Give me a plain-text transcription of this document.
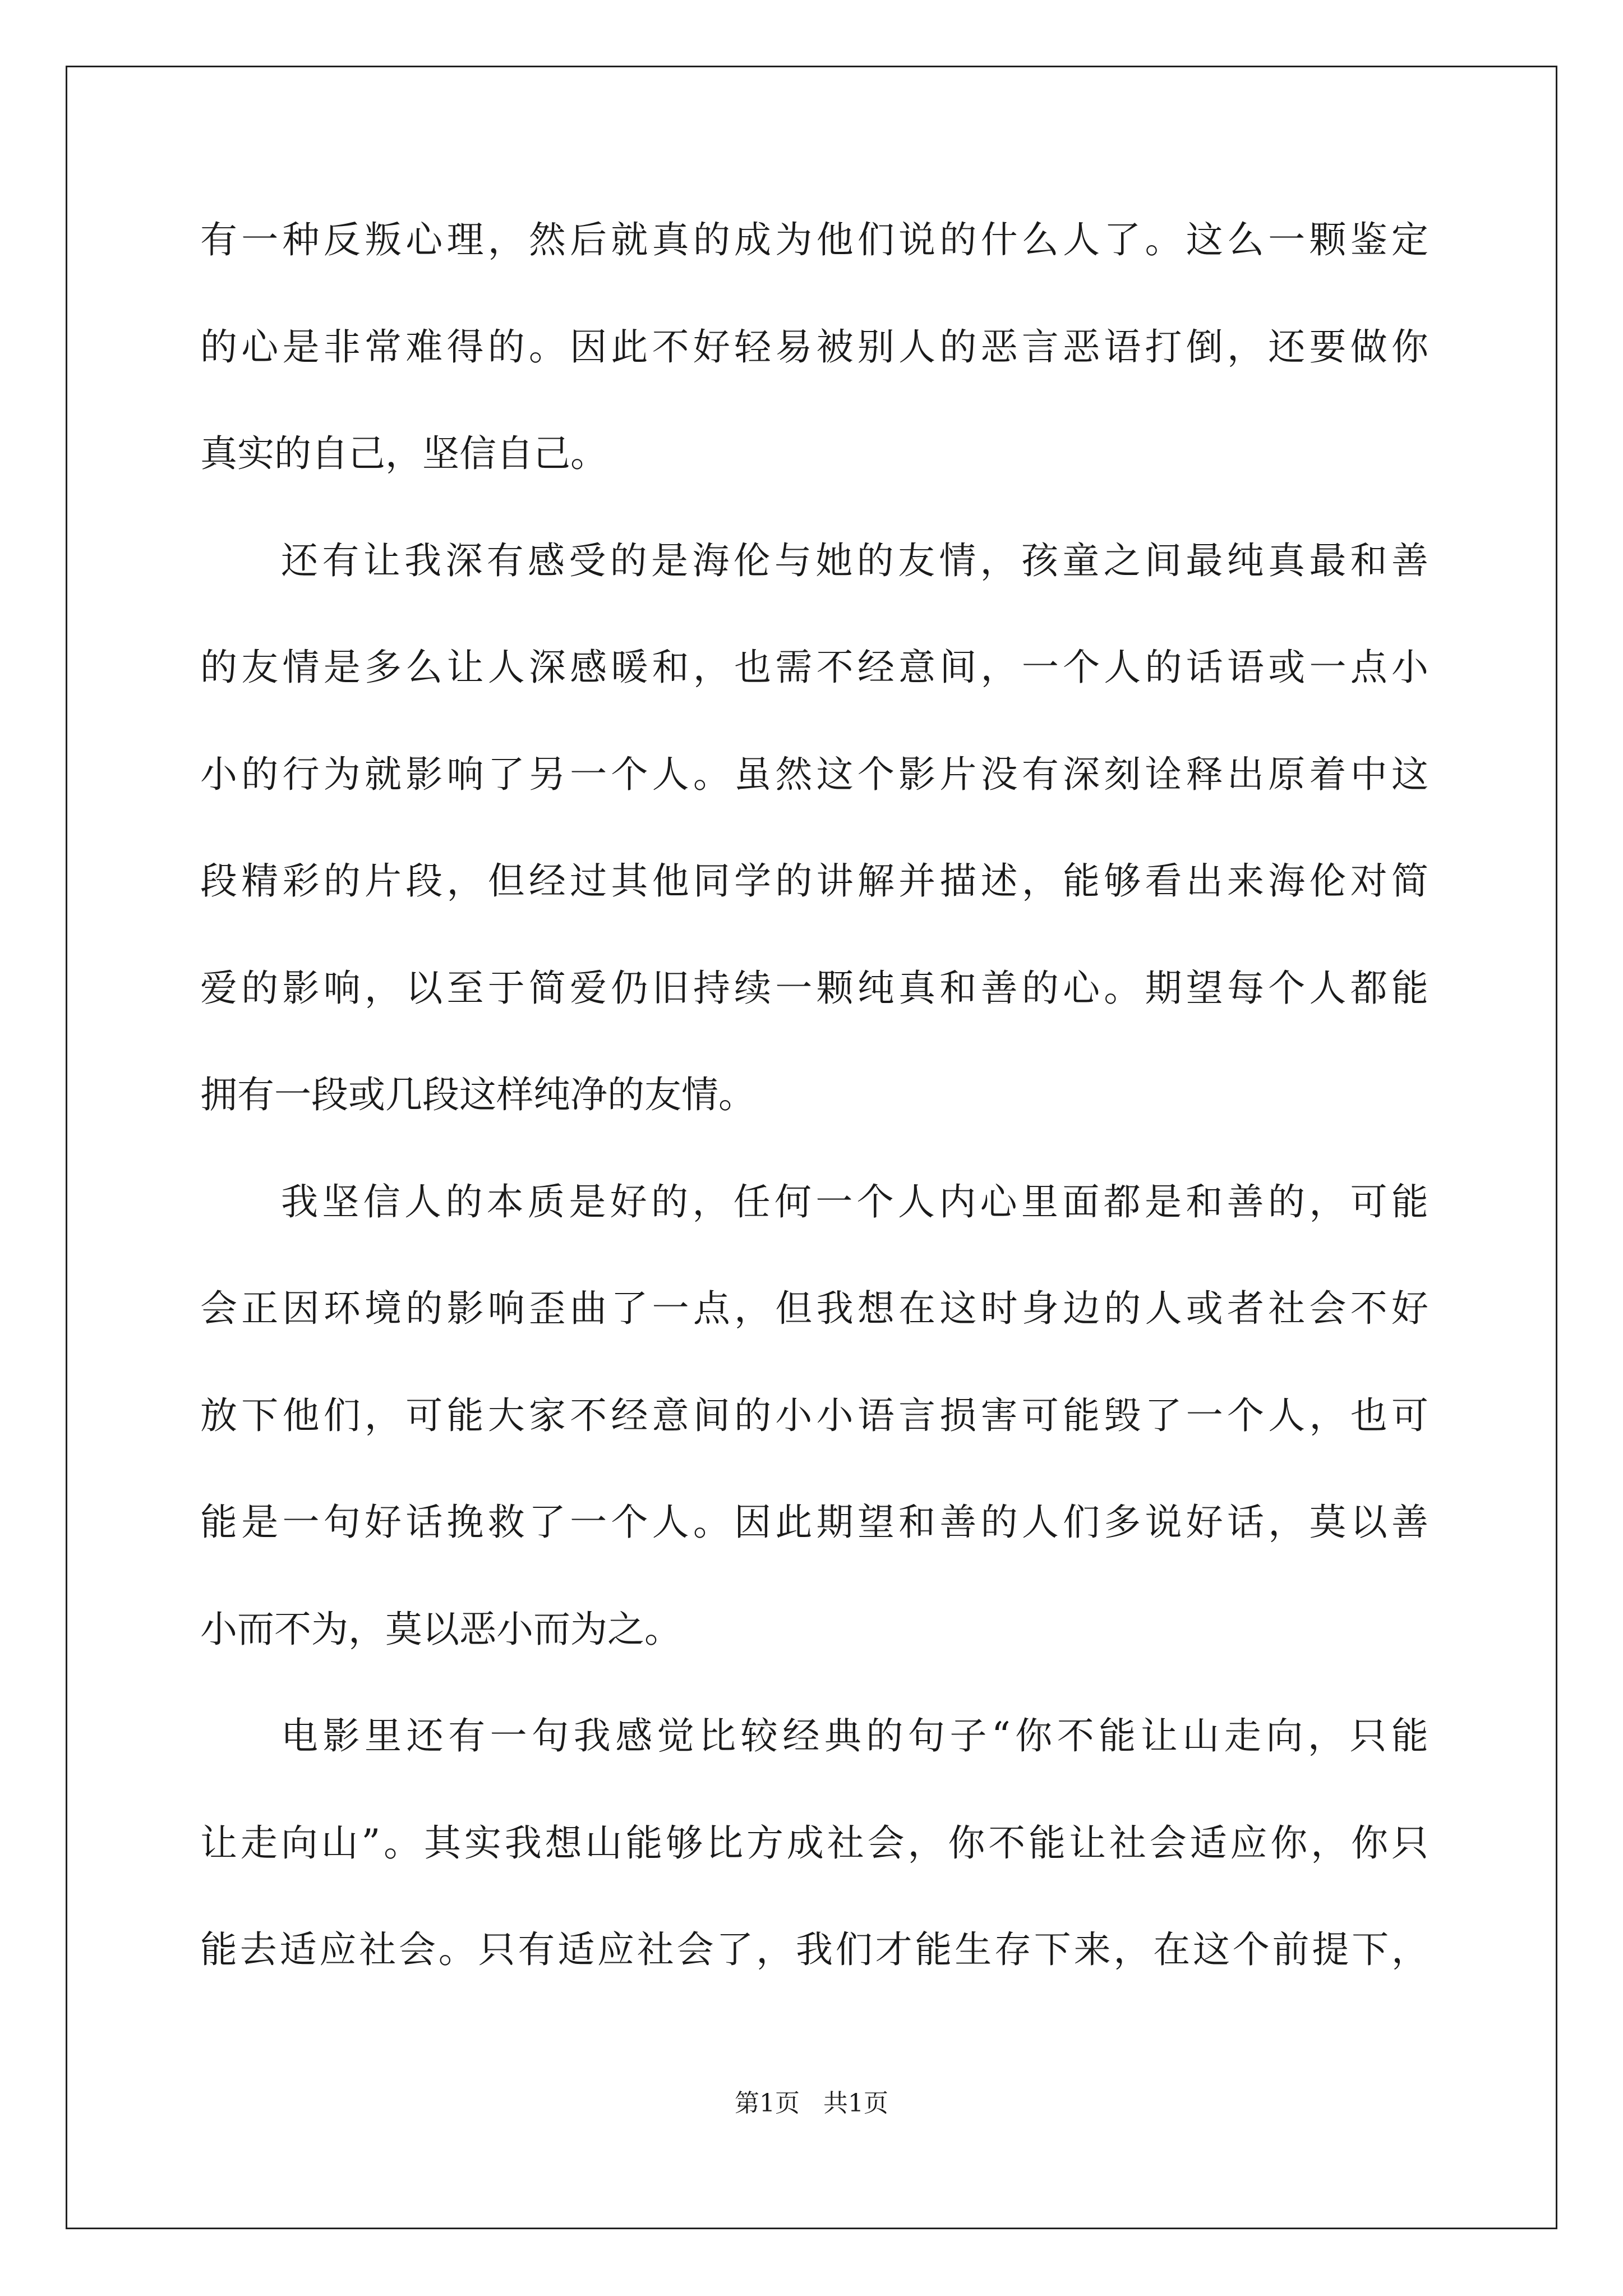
有一种反叛心理，然后就真的成为他们说的什么人了。这么一颗鉴定
的心是非常难得的。因此不好轻易被别人的恶言恶语打倒，还要做你
真实的自己，坚信自己。
还有让我深有感受的是海伦与她的友情，孩童之间最纯真最和善
的友情是多么让人深感暖和，也需不经意间，一个人的话语或一点小
小的行为就影响了另一个人。虽然这个影片没有深刻诠释出原着中这
段精彩的片段，但经过其他同学的讲解并描述，能够看出来海伦对简
爱的影响，以至于简爱仍旧持续一颗纯真和善的心。期望每个人都能
拥有一段或几段这样纯净的友情。
我坚信人的本质是好的，任何一个人内心里面都是和善的，可能
会正因环境的影响歪曲了一点，但我想在这时身边的人或者社会不好
放下他们，可能大家不经意间的小小语言损害可能毁了一个人，也可
能是一句好话挽救了一个人。因此期望和善的人们多说好话，莫以善
小而不为，莫以恶小而为之。
电影里还有一句我感觉比较经典的句子“你不能让山走向，只能
让走向山”。其实我想山能够比方成社会，你不能让社会适应你，你只
能去适应社会。只有适应社会了，我们才能生存下来，在这个前提下，
第1页   共1页
